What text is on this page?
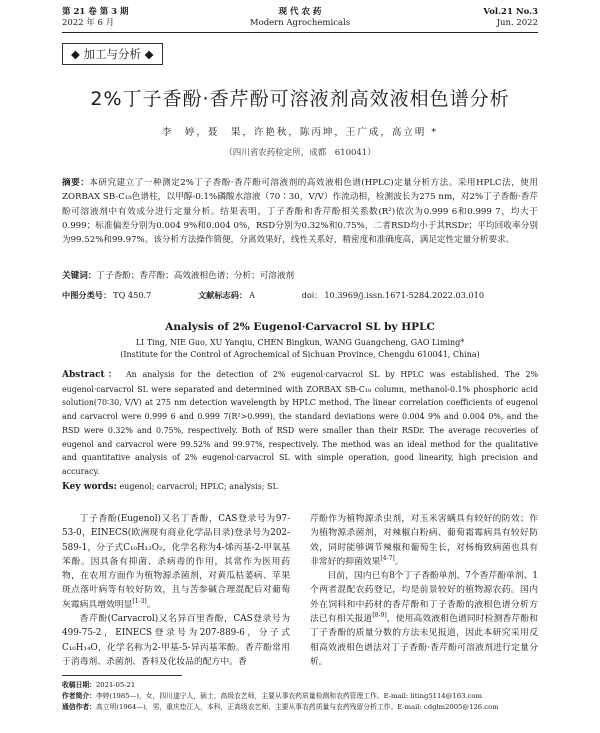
第 21 卷 第 3 期
2022 年 6 月
现 代 农 药
Modern Agrochemicals
Vol.21 No.3
Jun. 2022
◆ 加工与分析 ◆
2%丁子香酚·香芹酚可溶液剂高效液相色谱分析
李　婷，聂　果，许艳秋，陈丙坤，王广成，高立明 *
（四川省农药检定所，成都　610041）
摘要：本研究建立了一种测定2%丁子香酚·香芹酚可溶液剂的高效液相色谱(HPLC)定量分析方法。采用HPLC法，使用ZORBAX SB-C₁₈色谱柱，以甲醇-0.1%磷酸水溶液（70∶30，V/V）作流动相，检测波长为275 nm，对2%丁子香酚·香芹酚可溶液剂中有效成分进行定量分析。结果表明，丁子香酚和香芹酚相关系数(R²)依次为0.999 6和0.999 7，均大于0.999；标准偏差分别为0.004 9%和0.004 0%，RSD分别为0.32%和0.75%，二者RSD均小于其RSDr；平均回收率分别为99.52%和99.97%。该分析方法操作简便，分离效果好，线性关系好，精密度和准确度高，满足定性定量分析要求。
关键词：丁子香酚；香芹酚；高效液相色谱；分析；可溶液剂
中图分类号： TQ 450.7	文献标志码： A	doi： 10.3969/j.issn.1671-5284.2022.03.010
Analysis of 2% Eugenol·Carvacrol SL by HPLC
LI Ting, NIE Guo, XU Yanqiu, CHEN Bingkun, WANG Guangcheng, GAO Liming*
(Institute for the Control of Agrochemical of Sichuan Province, Chengdu 610041, China)
Abstract： An analysis for the detection of 2% eugenol·carvacrol SL by HPLC was established. The 2% eugenol·carvacrol SL were separated and determined with ZORBAX SB-C₁₈ column, methanol-0.1% phosphoric acid solution(70∶30, V/V) at 275 nm detection wavelength by HPLC method. The linear correlation coefficients of eugenol and carvacrol were 0.999 6 and 0.999 7(R²>0.999), the standard deviations were 0.004 9% and 0.004 0%, and the RSD were 0.32% and 0.75%, respectively. Both of RSD were smaller than their RSDr. The average recoveries of eugenol and carvacrol were 99.52% and 99.97%, respectively. The method was an ideal method for the qualitative and quantitative analysis of 2% eugenol·carvacrol SL with simple operation, good linearity, high precision and accuracy.
Key words: eugenol; carvacrol; HPLC; analysis; SL

丁子香酚(Eugenol)又名丁香酚，CAS登录号为97-53-0，EINECS(欧洲现有商业化学品目录)登录号为202-589-1，分子式C₁₀H₁₂O₂，化学名称为4-烯丙基-2-甲氧基苯酚。因具备有抑菌、杀病毒的作用，其常作为医用药物，在农用方面作为植物源杀菌剂，对黄瓜枯萎病、苹果斑点落叶病等有较好防效，且与苦参碱合理混配后对葡萄灰霉病具增效明显[1-3]。

香芹酚(Carvacrol)又名异百里香酚，CAS登录号为499-75-2，EINECS登录号为207-889-6，分子式C₁₀H₁₄O，化学名称为2-甲基-5-异丙基苯酚。香芹酚常用于消毒剂、杀菌剂、香料及化妆品的配方中。香

芹酚作为植物源杀虫剂，对玉米害螨具有较好的防效；作为植物源杀菌剂，对辣椒白粉病、葡萄霜霉病具有较好防效，同时能够调节辣椒和葡萄生长，对杨梅致病菌也具有非常好的抑菌效果[4-7]。

目前，国内已有8个丁子香酚单剂、7个香芹酚单剂、1个两者混配农药登记，均是前景较好的植物源农药。国内外在饲料和中药材的香芹酚和丁子香酚的液相色谱分析方法已有相关报道[8-9]，使用高效液相色谱同时检测香芹酚和丁子香酚的质量分数的方法未见报道，因此本研究采用反相高效液相色谱法对丁子香酚·香芹酚可溶液剂进行定量分析。

收稿日期：2021-05-21
作者简介：李婷(1985—)，女，四川遂宁人，硕士，高级农艺师，主要从事农药质量检测和农药管理工作。E-mail: liting5114@163.com
通信作者：高立明(1964—)，男，重庆垫江人，本科，正高级农艺师，主要从事农药质量与农药残留分析工作。E-mail: cdglm2005@126.com
